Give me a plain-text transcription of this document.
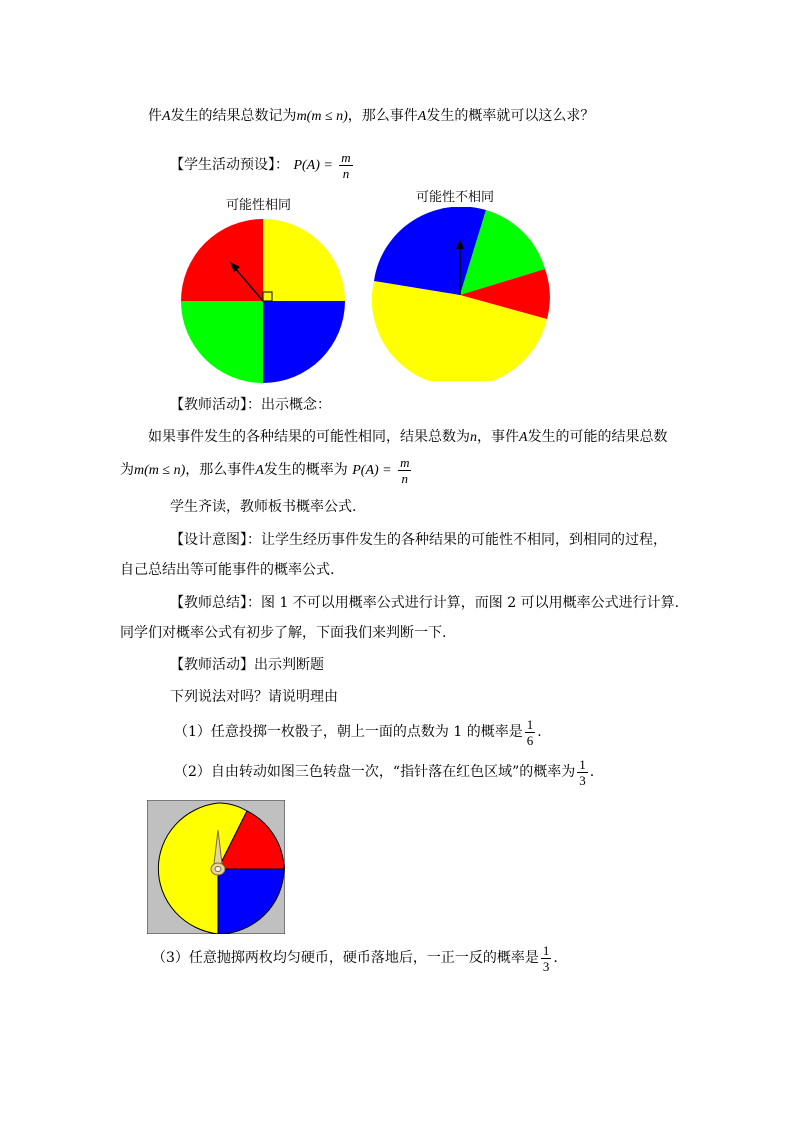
件A发生的结果总数记为m(m ≤ n)，那么事件A发生的概率就可以这么求？
【学生活动预设】： $P(A) = \frac{m}{n}$
可能性相同
可能性不相同
【教师活动】：出示概念：
如果事件发生的各种结果的可能性相同，结果总数为n，事件A发生的可能的结果总数
为m(m ≤ n)，那么事件A发生的概率为 $P(A) = \frac{m}{n}$
学生齐读，教师板书概率公式.
【设计意图】：让学生经历事件发生的各种结果的可能性不相同，到相同的过程，
自己总结出等可能事件的概率公式.
【教师总结】：图 1 不可以用概率公式进行计算，而图 2 可以用概率公式进行计算.
同学们对概率公式有初步了解，下面我们来判断一下.
【教师活动】出示判断题
下列说法对吗？请说明理由
（1）任意投掷一枚骰子，朝上一面的点数为 1 的概率是 $\frac{1}{6}$ .
（2）自由转动如图三色转盘一次，“指针落在红色区域”的概率为 $\frac{1}{3}$ .
（3）任意抛掷两枚均匀硬币，硬币落地后，一正一反的概率是 $\frac{1}{3}$ .
